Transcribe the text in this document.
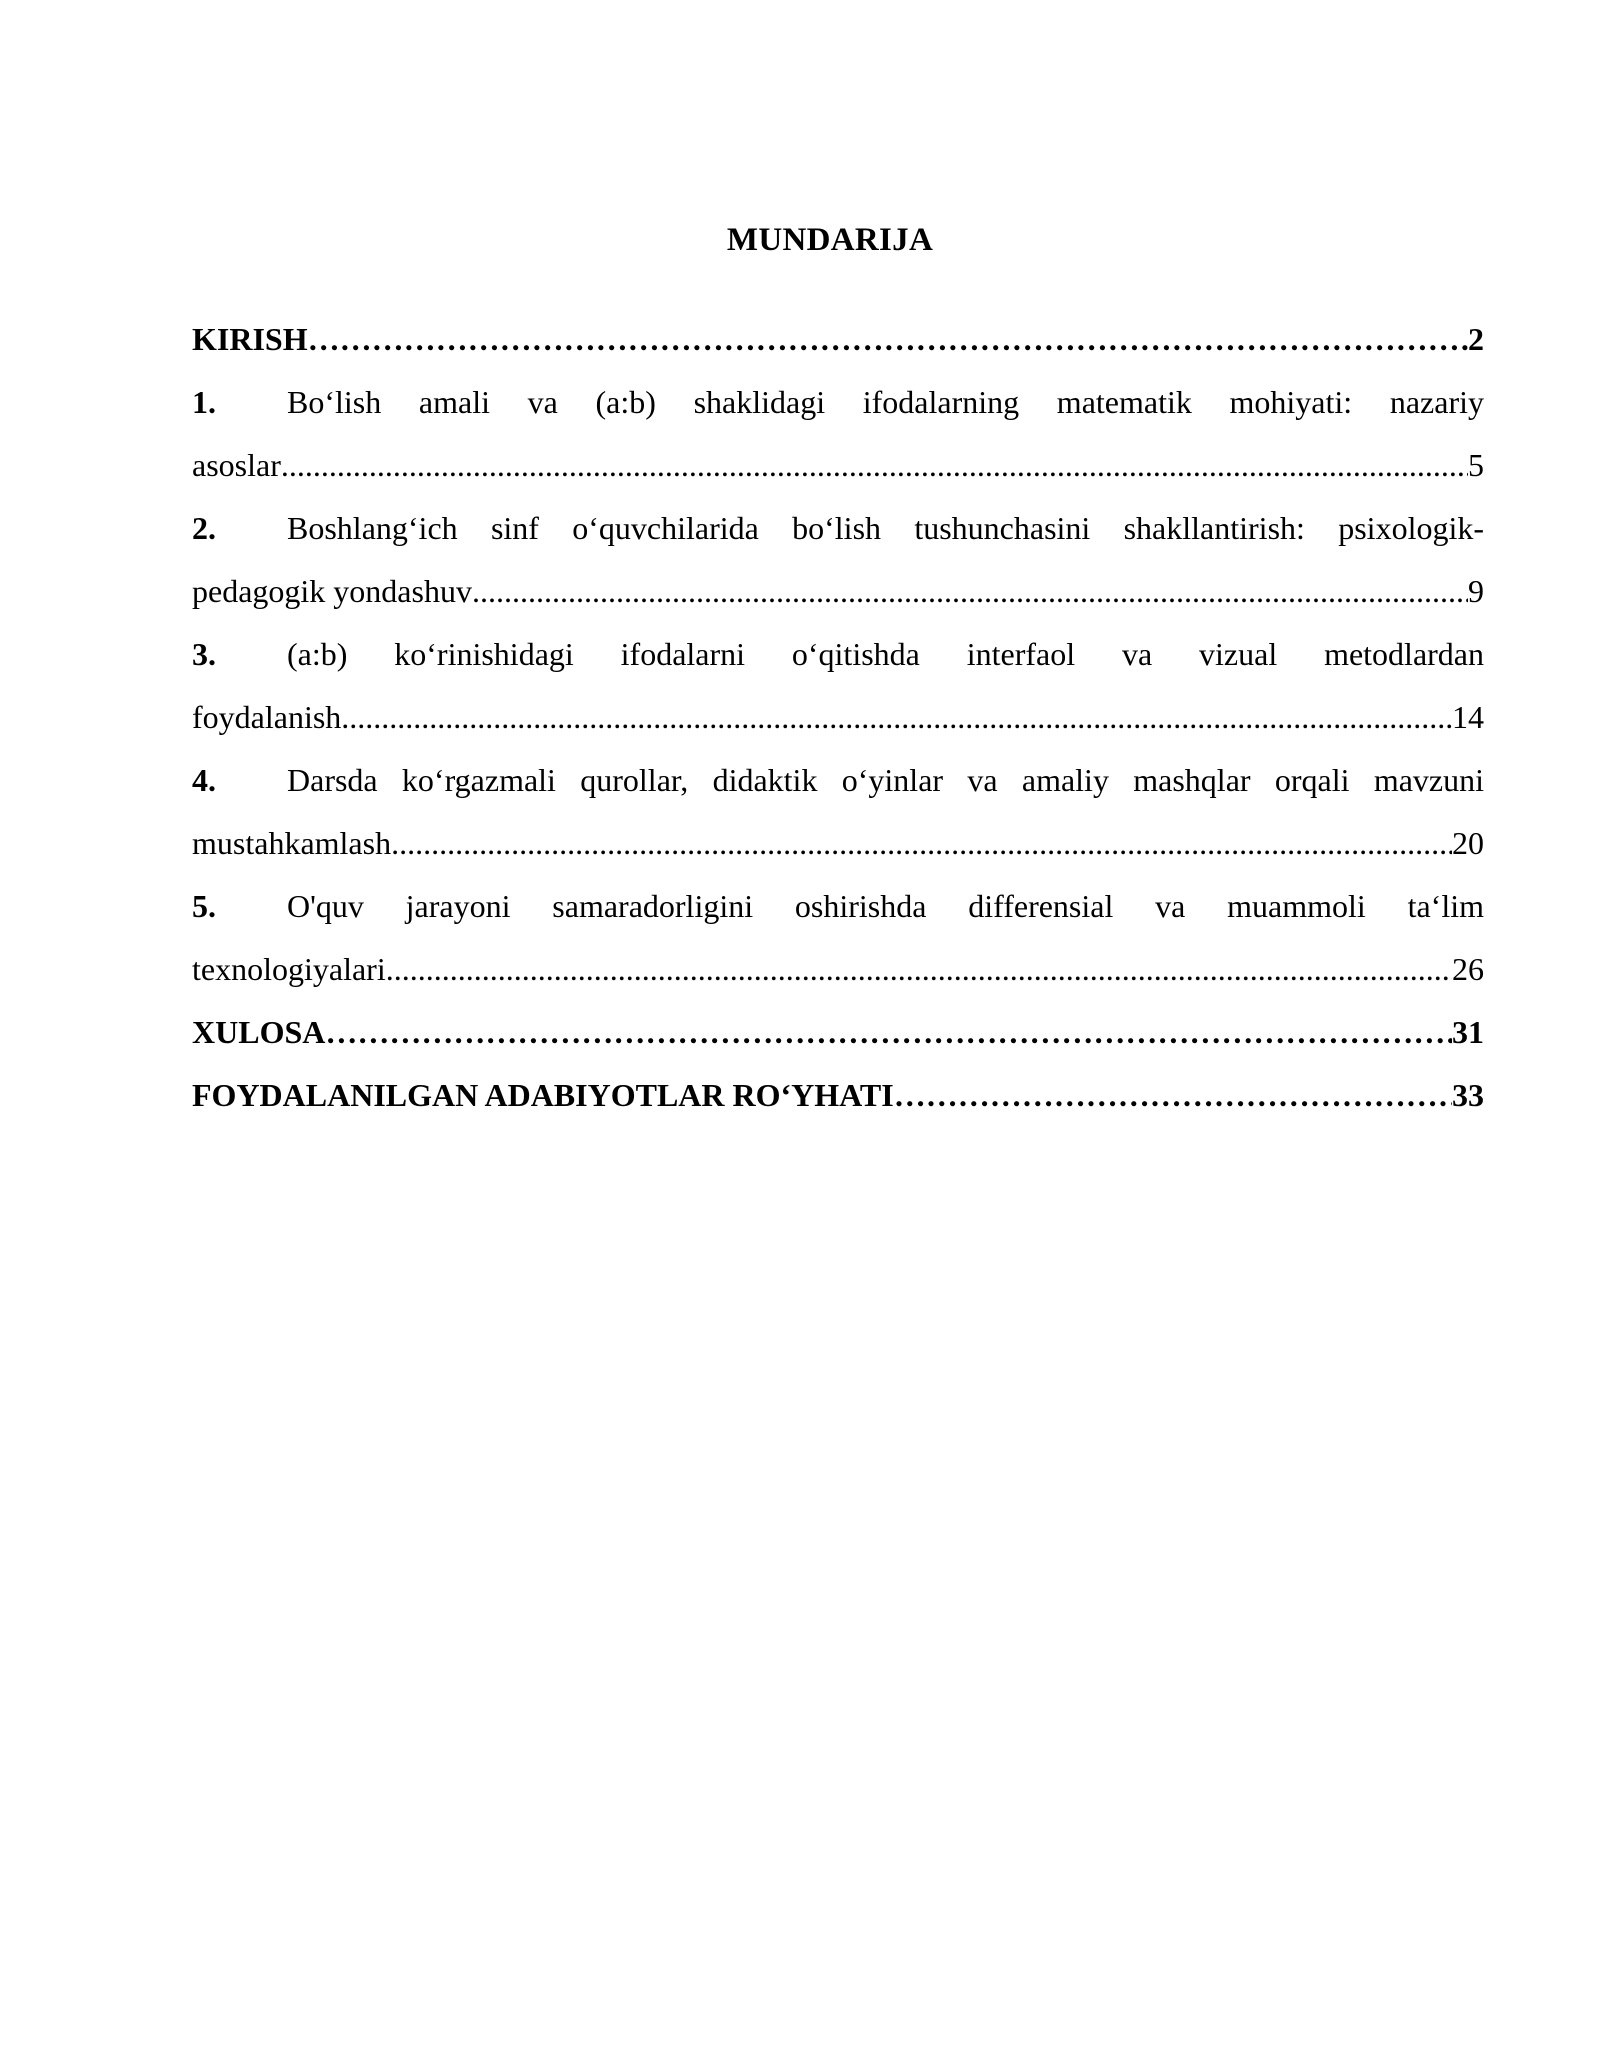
MUNDARIJA
KIRISH ………………………………………………………………………………………………………………………………………………………………………………………………………………………………………	2
1.	Bo‘lish amali va (a:b) shaklidagi ifodalarning matematik mohiyati: nazariy
asoslar .....	5
2.	Boshlang‘ich sinf o‘quvchilarida bo‘lish tushunchasini shakllantirish: psixologik-
pedagogik yondashuv .....	9
3.	(a:b) ko‘rinishidagi ifodalarni o‘qitishda interfaol va vizual metodlardan
foydalanish .....	14
4.	Darsda ko‘rgazmali qurollar, didaktik o‘yinlar va amaliy mashqlar orqali mavzuni
mustahkamlash .....	20
5.	O'quv jarayoni samaradorligini oshirishda differensial va muammoli ta‘lim
texnologiyalari .....	26
XULOSA ………………………………………………………………………………………………………………………………………………………………………………………………………………………………………	31
FOYDALANILGAN ADABIYOTLAR RO‘YHATI ………………………………………………………………………………………………………………………………………………………………………………………………………………………………………	33
